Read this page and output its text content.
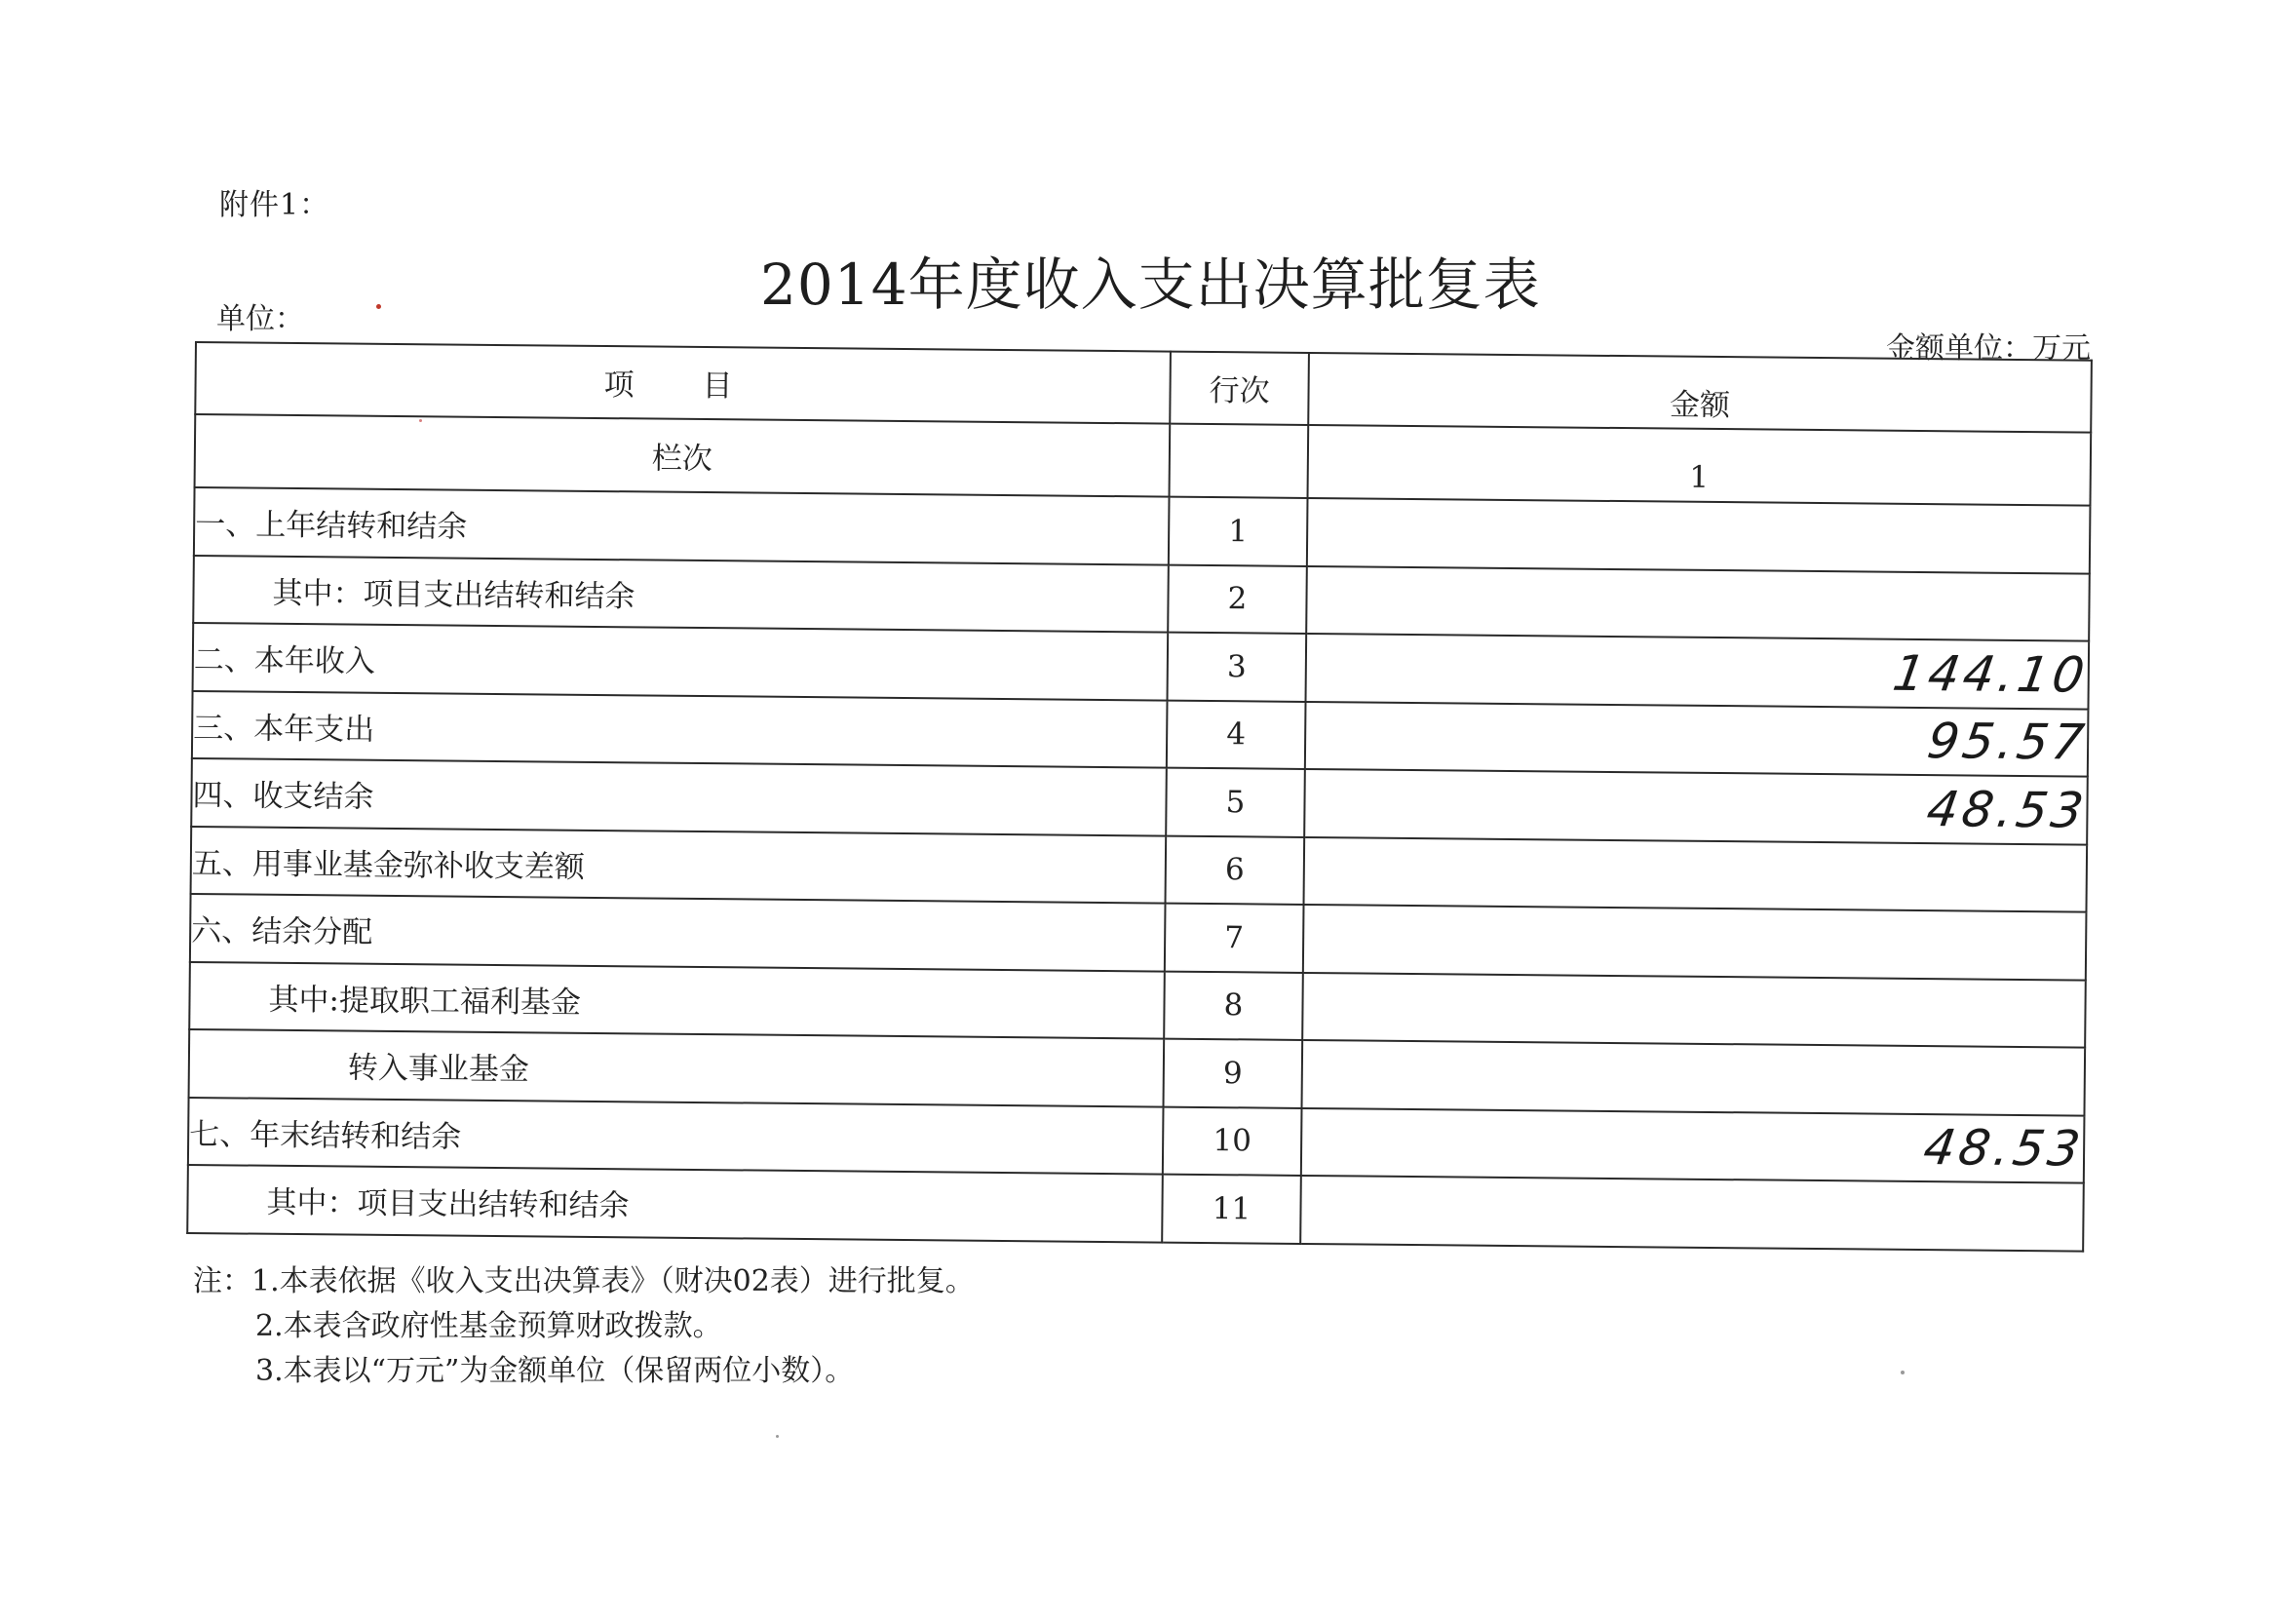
附件1：
2014年度收入支出决算批复表
单位：
金额单位：万元
项 目	行次	金额
栏次		1
一、上年结转和结余	1	
其中：项目支出结转和结余	2	
二、本年收入	3	144.10
三、本年支出	4	95.57
四、收支结余	5	48.53
五、用事业基金弥补收支差额	6	
六、结余分配	7	
其中:提取职工福利基金	8	
转入事业基金	9	
七、年末结转和结余	10	48.53
其中：项目支出结转和结余	11	
注：1.本表依据《收入支出决算表》（财决02表）进行批复。
2.本表含政府性基金预算财政拨款。
3.本表以“万元”为金额单位（保留两位小数）。
